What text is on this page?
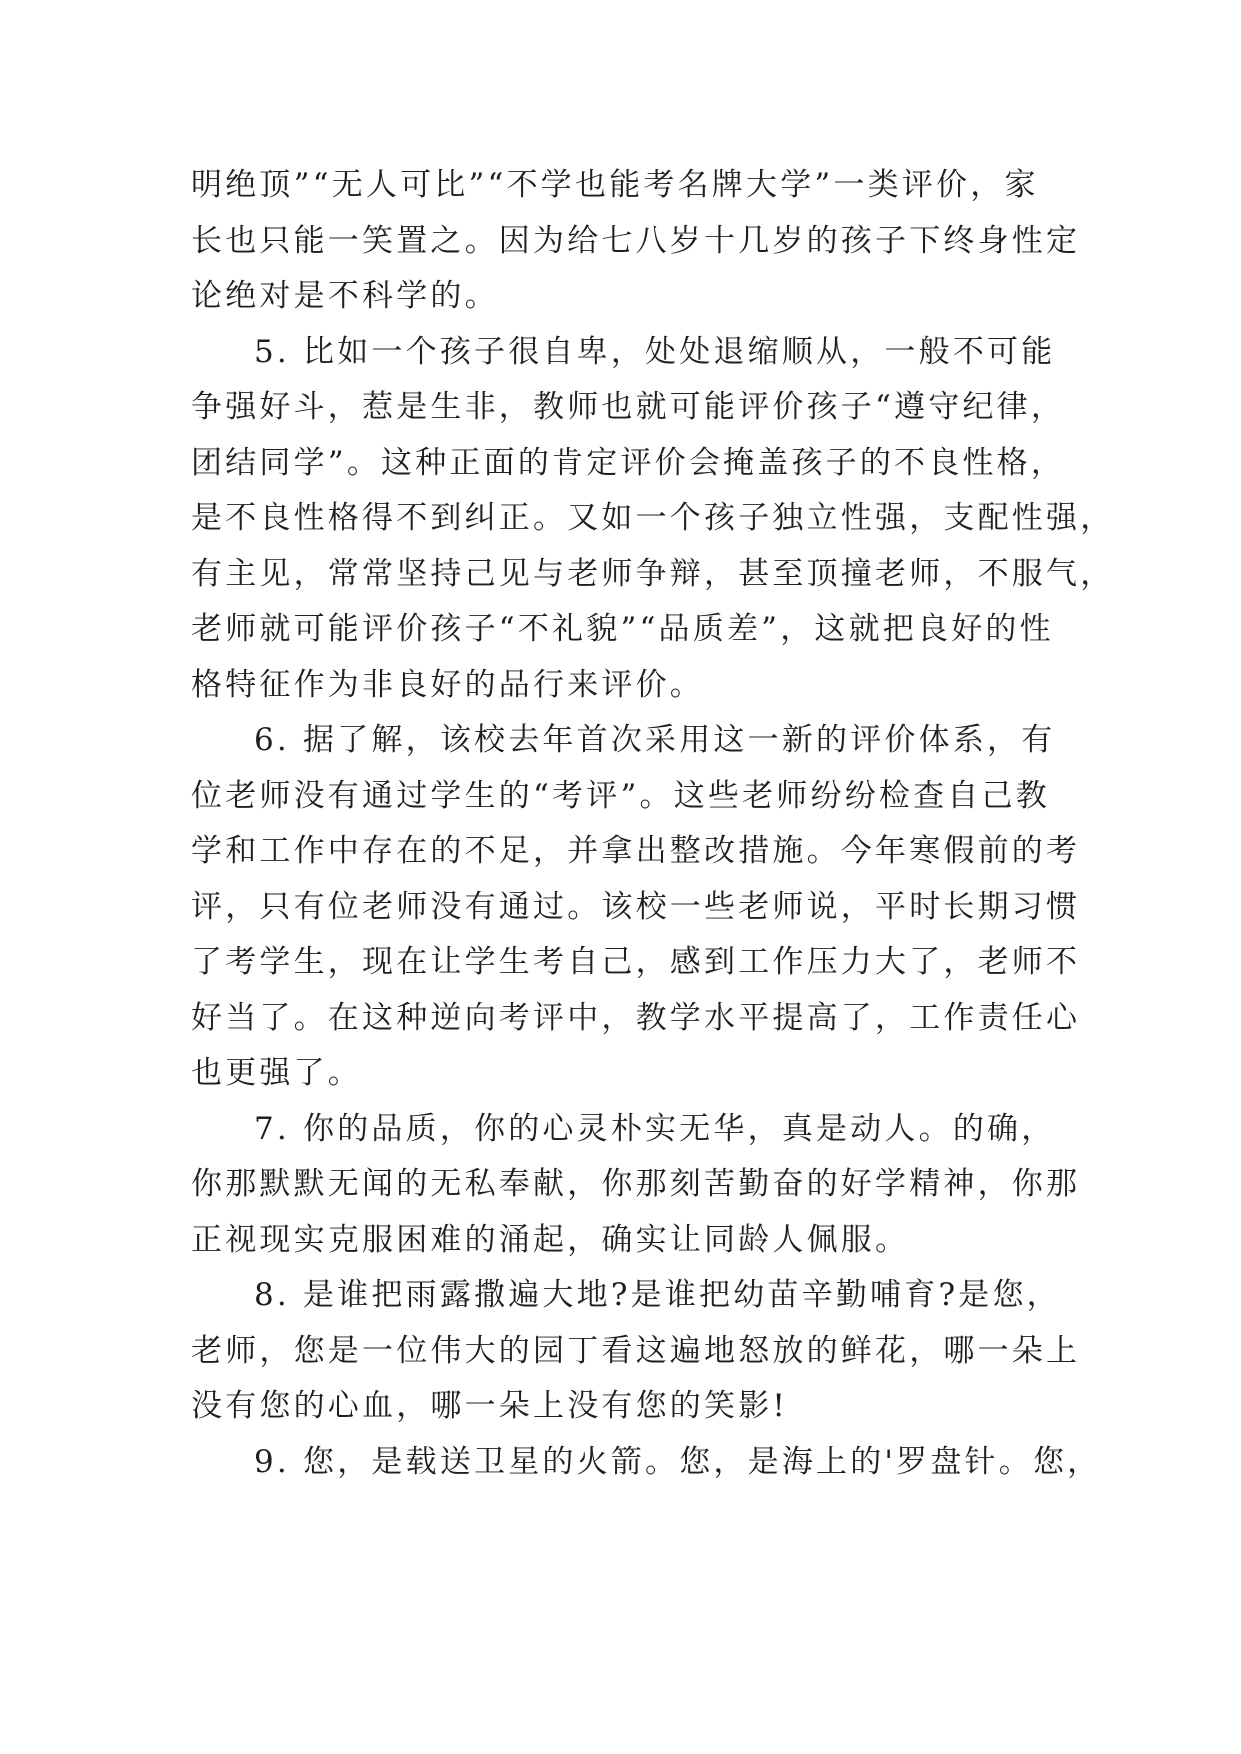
明绝顶”“无人可比”“不学也能考名牌大学”一类评价，家
长也只能一笑置之。因为给七八岁十几岁的孩子下终身性定
论绝对是不科学的。
5. 比如一个孩子很自卑，处处退缩顺从，一般不可能
争强好斗，惹是生非，教师也就可能评价孩子“遵守纪律，
团结同学”。这种正面的肯定评价会掩盖孩子的不良性格，
是不良性格得不到纠正。又如一个孩子独立性强，支配性强，
有主见，常常坚持己见与老师争辩，甚至顶撞老师，不服气，
老师就可能评价孩子“不礼貌”“品质差”，这就把良好的性
格特征作为非良好的品行来评价。
6. 据了解，该校去年首次采用这一新的评价体系，有
位老师没有通过学生的“考评”。这些老师纷纷检查自己教
学和工作中存在的不足，并拿出整改措施。今年寒假前的考
评，只有位老师没有通过。该校一些老师说，平时长期习惯
了考学生，现在让学生考自己，感到工作压力大了，老师不
好当了。在这种逆向考评中，教学水平提高了，工作责任心
也更强了。
7. 你的品质，你的心灵朴实无华，真是动人。的确，
你那默默无闻的无私奉献，你那刻苦勤奋的好学精神，你那
正视现实克服困难的涌起，确实让同龄人佩服。
8. 是谁把雨露撒遍大地?是谁把幼苗辛勤哺育?是您，
老师，您是一位伟大的园丁看这遍地怒放的鲜花，哪一朵上
没有您的心血，哪一朵上没有您的笑影!
9. 您，是载送卫星的火箭。您，是海上的'罗盘针。您，
